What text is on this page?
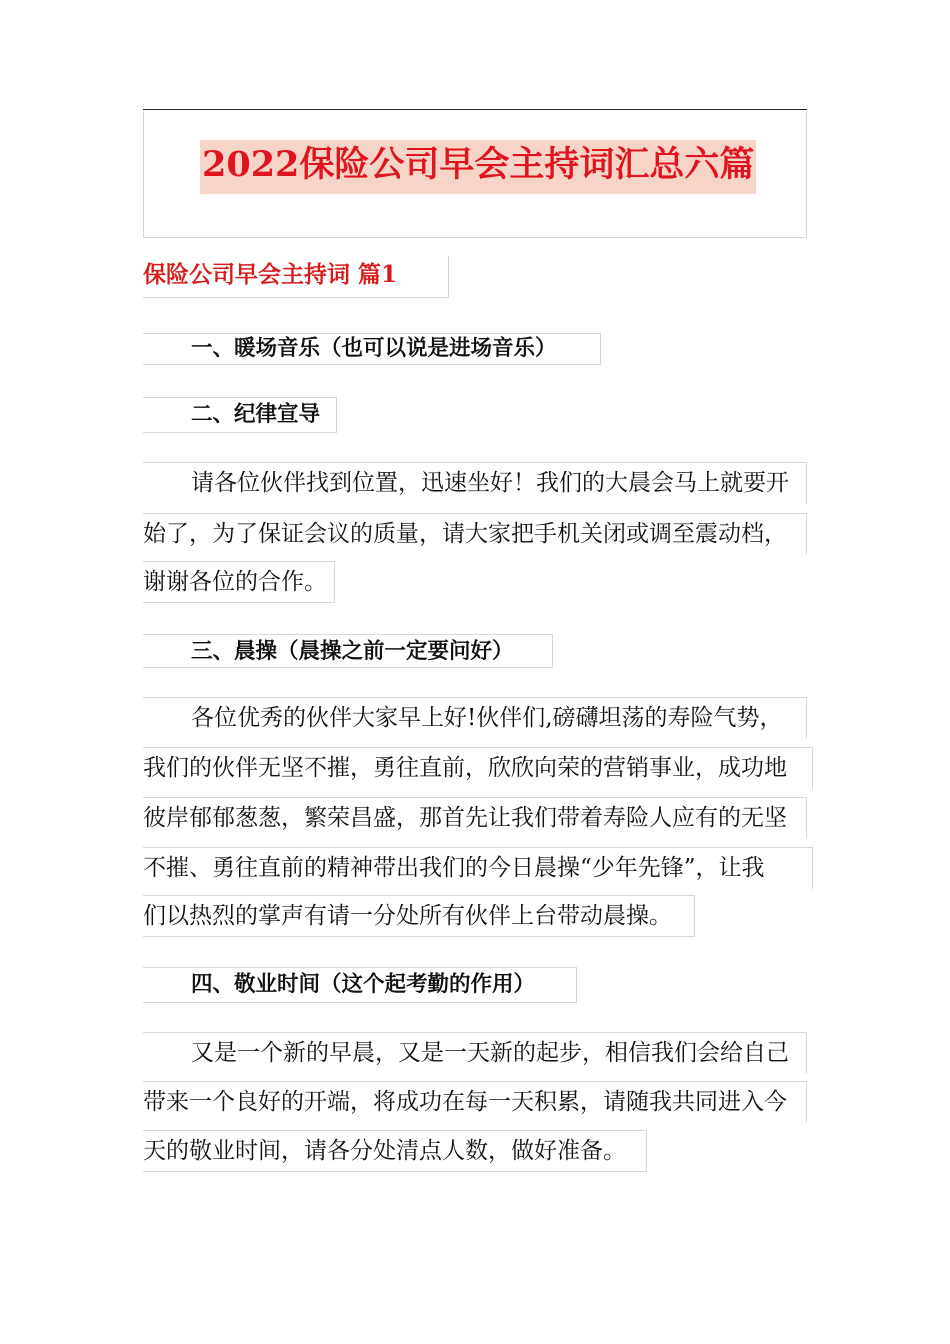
2022保险公司早会主持词汇总六篇
保险公司早会主持词 篇1
一、暖场音乐（也可以说是进场音乐）
二、纪律宣导
请各位伙伴找到位置，迅速坐好！我们的大晨会马上就要开
始了，为了保证会议的质量，请大家把手机关闭或调至震动档，
谢谢各位的合作。
三、晨操（晨操之前一定要问好）
各位优秀的伙伴大家早上好!伙伴们,磅礴坦荡的寿险气势，
我们的伙伴无坚不摧，勇往直前，欣欣向荣的营销事业，成功地
彼岸郁郁葱葱，繁荣昌盛，那首先让我们带着寿险人应有的无坚
不摧、勇往直前的精神带出我们的今日晨操“少年先锋”，让我
们以热烈的掌声有请一分处所有伙伴上台带动晨操。
四、敬业时间（这个起考勤的作用）
又是一个新的早晨，又是一天新的起步，相信我们会给自己
带来一个良好的开端，将成功在每一天积累，请随我共同进入今
天的敬业时间，请各分处清点人数，做好准备。
